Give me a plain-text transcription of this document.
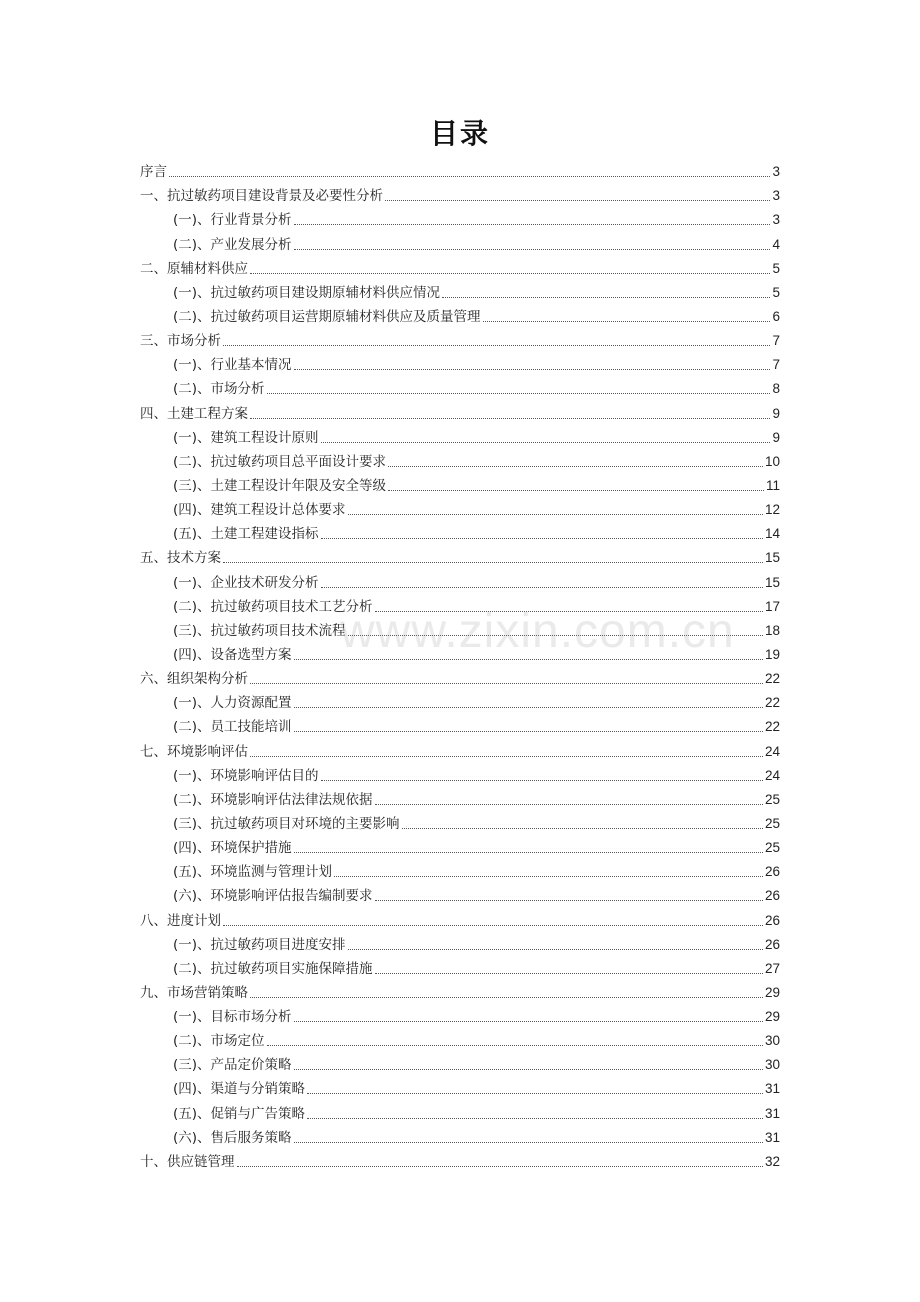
目录
序言	3
一、抗过敏药项目建设背景及必要性分析	3
(一)、行业背景分析	3
(二)、产业发展分析	4
二、原辅材料供应	5
(一)、抗过敏药项目建设期原辅材料供应情况	5
(二)、抗过敏药项目运营期原辅材料供应及质量管理	6
三、市场分析	7
(一)、行业基本情况	7
(二)、市场分析	8
四、土建工程方案	9
(一)、建筑工程设计原则	9
(二)、抗过敏药项目总平面设计要求	10
(三)、土建工程设计年限及安全等级	11
(四)、建筑工程设计总体要求	12
(五)、土建工程建设指标	14
五、技术方案	15
(一)、企业技术研发分析	15
(二)、抗过敏药项目技术工艺分析	17
(三)、抗过敏药项目技术流程	18
(四)、设备选型方案	19
六、组织架构分析	22
(一)、人力资源配置	22
(二)、员工技能培训	22
七、环境影响评估	24
(一)、环境影响评估目的	24
(二)、环境影响评估法律法规依据	25
(三)、抗过敏药项目对环境的主要影响	25
(四)、环境保护措施	25
(五)、环境监测与管理计划	26
(六)、环境影响评估报告编制要求	26
八、进度计划	26
(一)、抗过敏药项目进度安排	26
(二)、抗过敏药项目实施保障措施	27
九、市场营销策略	29
(一)、目标市场分析	29
(二)、市场定位	30
(三)、产品定价策略	30
(四)、渠道与分销策略	31
(五)、促销与广告策略	31
(六)、售后服务策略	31
十、供应链管理	32
www.zixin.com.cn
